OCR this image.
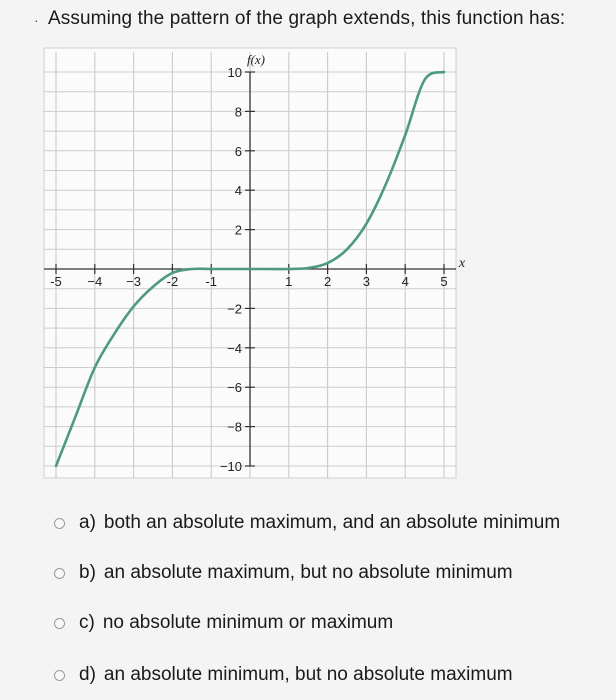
· Assuming the pattern of the graph extends, this function has:
-5 −4 −3 -2 -1	1 2 3 4 5
10
8
6
4
2
−2
−4
−6
−8
−10
f(x)
x
a) both an absolute maximum, and an absolute minimum
b) an absolute maximum, but no absolute minimum
c) no absolute minimum or maximum
d) an absolute minimum, but no absolute maximum
